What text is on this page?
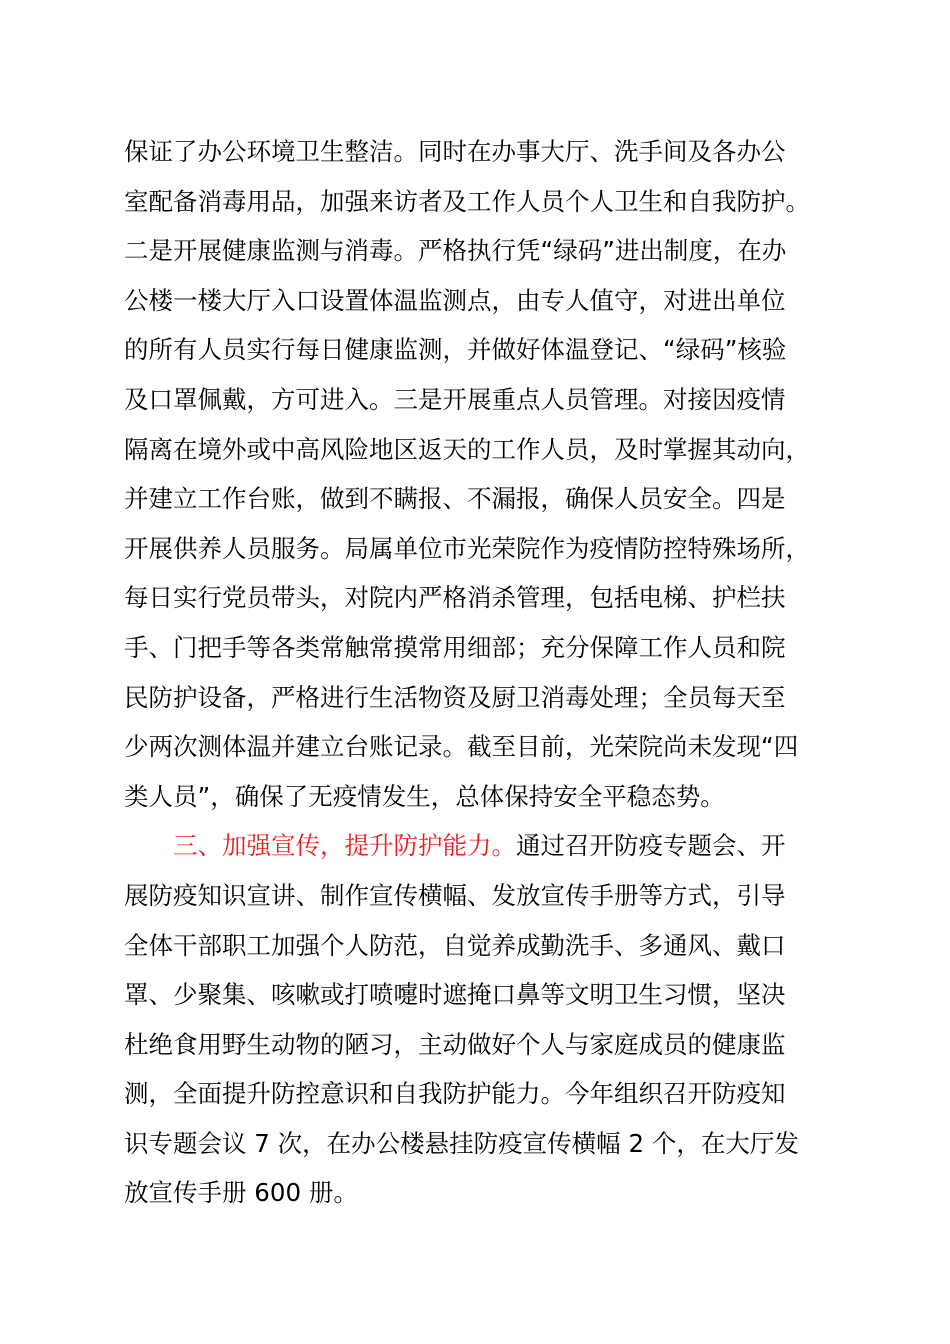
保证了办公环境卫生整洁。同时在办事大厅、洗手间及各办公
室配备消毒用品，加强来访者及工作人员个人卫生和自我防护。
二是开展健康监测与消毒。严格执行凭“绿码”进出制度，在办
公楼一楼大厅入口设置体温监测点，由专人值守，对进出单位
的所有人员实行每日健康监测，并做好体温登记、“绿码”核验
及口罩佩戴，方可进入。三是开展重点人员管理。对接因疫情
隔离在境外或中高风险地区返天的工作人员，及时掌握其动向，
并建立工作台账，做到不瞒报、不漏报，确保人员安全。四是
开展供养人员服务。局属单位市光荣院作为疫情防控特殊场所，
每日实行党员带头，对院内严格消杀管理，包括电梯、护栏扶
手、门把手等各类常触常摸常用细部；充分保障工作人员和院
民防护设备，严格进行生活物资及厨卫消毒处理；全员每天至
少两次测体温并建立台账记录。截至目前，光荣院尚未发现“四
类人员”，确保了无疫情发生，总体保持安全平稳态势。
三、加强宣传，提升防护能力。通过召开防疫专题会、开
展防疫知识宣讲、制作宣传横幅、发放宣传手册等方式，引导
全体干部职工加强个人防范，自觉养成勤洗手、多通风、戴口
罩、少聚集、咳嗽或打喷嚏时遮掩口鼻等文明卫生习惯，坚决
杜绝食用野生动物的陋习，主动做好个人与家庭成员的健康监
测，全面提升防控意识和自我防护能力。今年组织召开防疫知
识专题会议 7 次，在办公楼悬挂防疫宣传横幅 2 个，在大厅发
放宣传手册 600 册。
